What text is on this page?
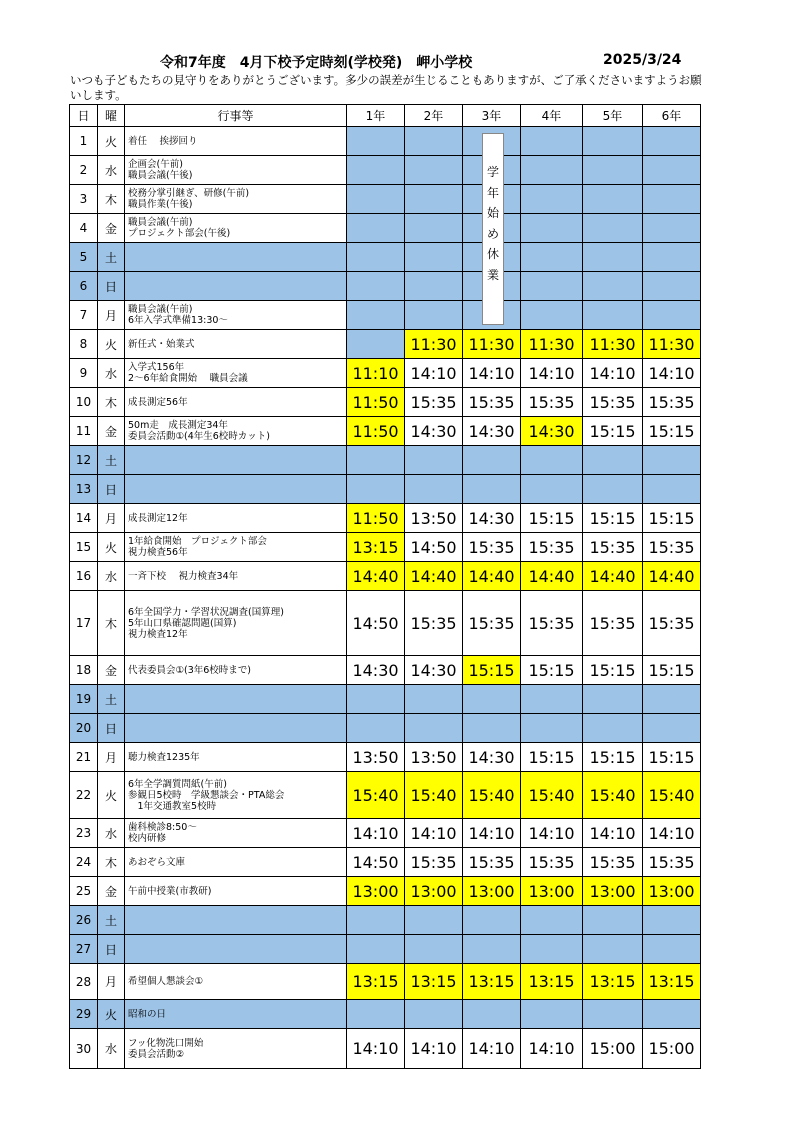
令和7年度　4月下校予定時刻(学校発)　岬小学校	2025/3/24
いつも子どもたちの見守りをありがとうございます。多少の誤差が生じることもありますが、ご了承くださいますようお願いします。
日	曜	行事等	1年	2年	3年	4年	5年	6年
1	火	着任　 挨拶回り						

2	水	企画会(午前)
職員会議(午後)						

3	木	校務分掌引継ぎ、研修(午前)
職員作業(午後)						

4	金	職員会議(午前)
プロジェクト部会(午後)						

5	土							
6	日							
7	月	職員会議(午前)
6年入学式準備13:30～						

8	火	新任式・始業式		11:30	11:30	11:30	11:30	11:30
9	水	入学式156年
2～6年給食開始　 職員会議	11:10	14:10	14:10	14:10	14:10	14:10
10	木	成長測定56年	11:50	15:35	15:35	15:35	15:35	15:35
11	金	50m走　成長測定34年
委員会活動①(4年生6校時カット)	11:50	14:30	14:30	14:30	15:15	15:15
12	土							
13	日							
14	月	成長測定12年	11:50	13:50	14:30	15:15	15:15	15:15
15	火	1年給食開始　プロジェクト部会
視力検査56年	13:15	14:50	15:35	15:35	15:35	15:35
16	水	一斉下校　 視力検査34年	14:40	14:40	14:40	14:40	14:40	14:40
17	木	6年全国学力・学習状況調査(国算理)
5年山口県確認問題(国算)
視力検査12年	14:50	15:35	15:35	15:35	15:35	15:35
18	金	代表委員会①(3年6校時まで)	14:30	14:30	15:15	15:15	15:15	15:15
19	土							
20	日							
21	月	聴力検査1235年	13:50	13:50	14:30	15:15	15:15	15:15
22	火	6年全学調質問紙(午前)
参観日5校時　学級懇談会・PTA総会
　1年交通教室5校時	15:40	15:40	15:40	15:40	15:40	15:40
23	水	歯科検診8:50～
校内研修	14:10	14:10	14:10	14:10	14:10	14:10
24	木	あおぞら文庫	14:50	15:35	15:35	15:35	15:35	15:35
25	金	午前中授業(市教研)	13:00	13:00	13:00	13:00	13:00	13:00
26	土							
27	日							
28	月	希望個人懇談会①	13:15	13:15	13:15	13:15	13:15	13:15
29	火	昭和の日						

30	水	フッ化物洗口開始
委員会活動②	14:10	14:10	14:10	14:10	15:00	15:00
学
年
始
め
休
業
